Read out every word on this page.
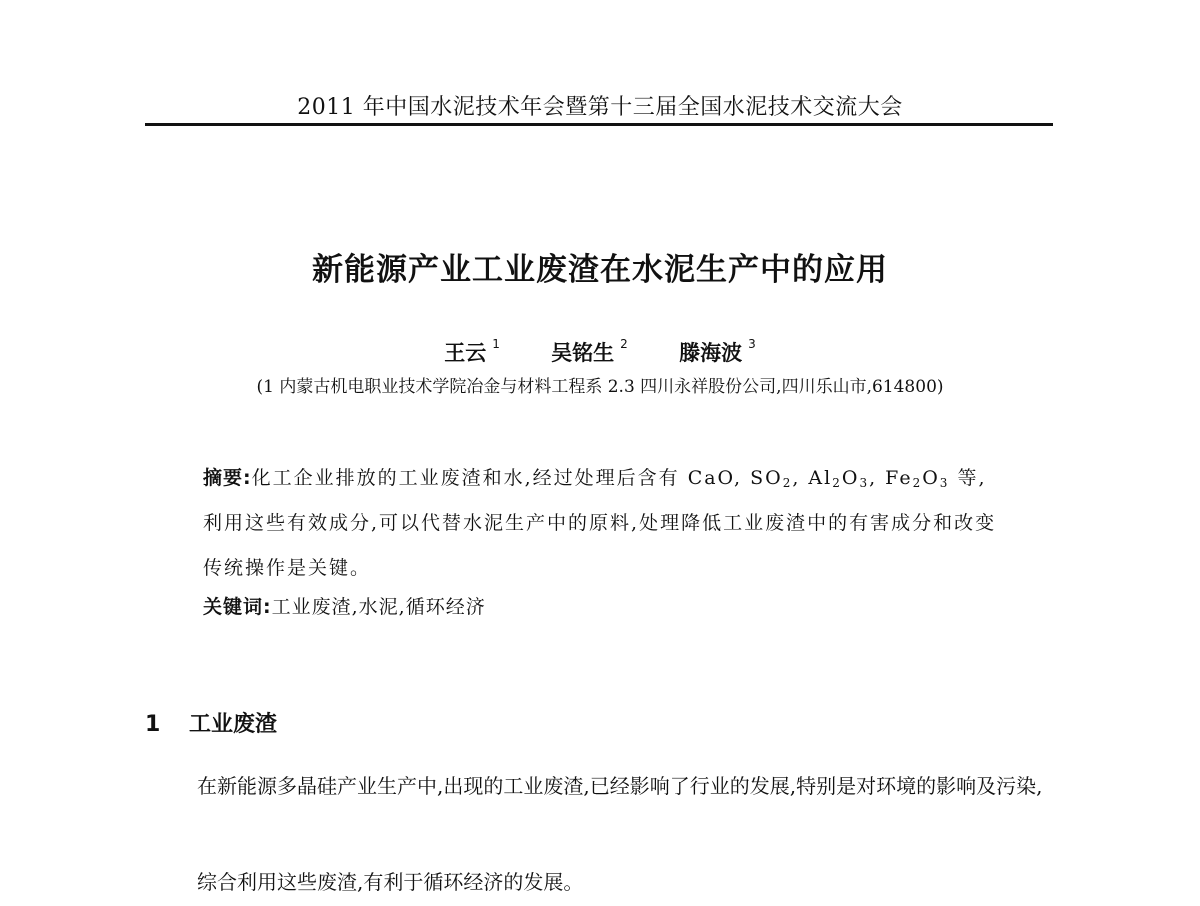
2011 年中国水泥技术年会暨第十三届全国水泥技术交流大会
新能源产业工业废渣在水泥生产中的应用
王云 $^1$ 吴铭生 $^2$ 滕海波 $^3$
(1 内蒙古机电职业技术学院冶金与材料工程系 2.3 四川永祥股份公司,四川乐山市,614800)
摘要:化工企业排放的工业废渣和水,经过处理后含有 CaO, $SO_2$, $Al_2O_3$, $Fe_2O_3$ 等,利用这些有效成分,可以代替水泥生产中的原料,处理降低工业废渣中的有害成分和改变传统操作是关键。
关键词:工业废渣,水泥,循环经济
1 工业废渣
在新能源多晶硅产业生产中,出现的工业废渣,已经影响了行业的发展,特别是对环境的影响及污染,
综合利用这些废渣,有利于循环经济的发展。
